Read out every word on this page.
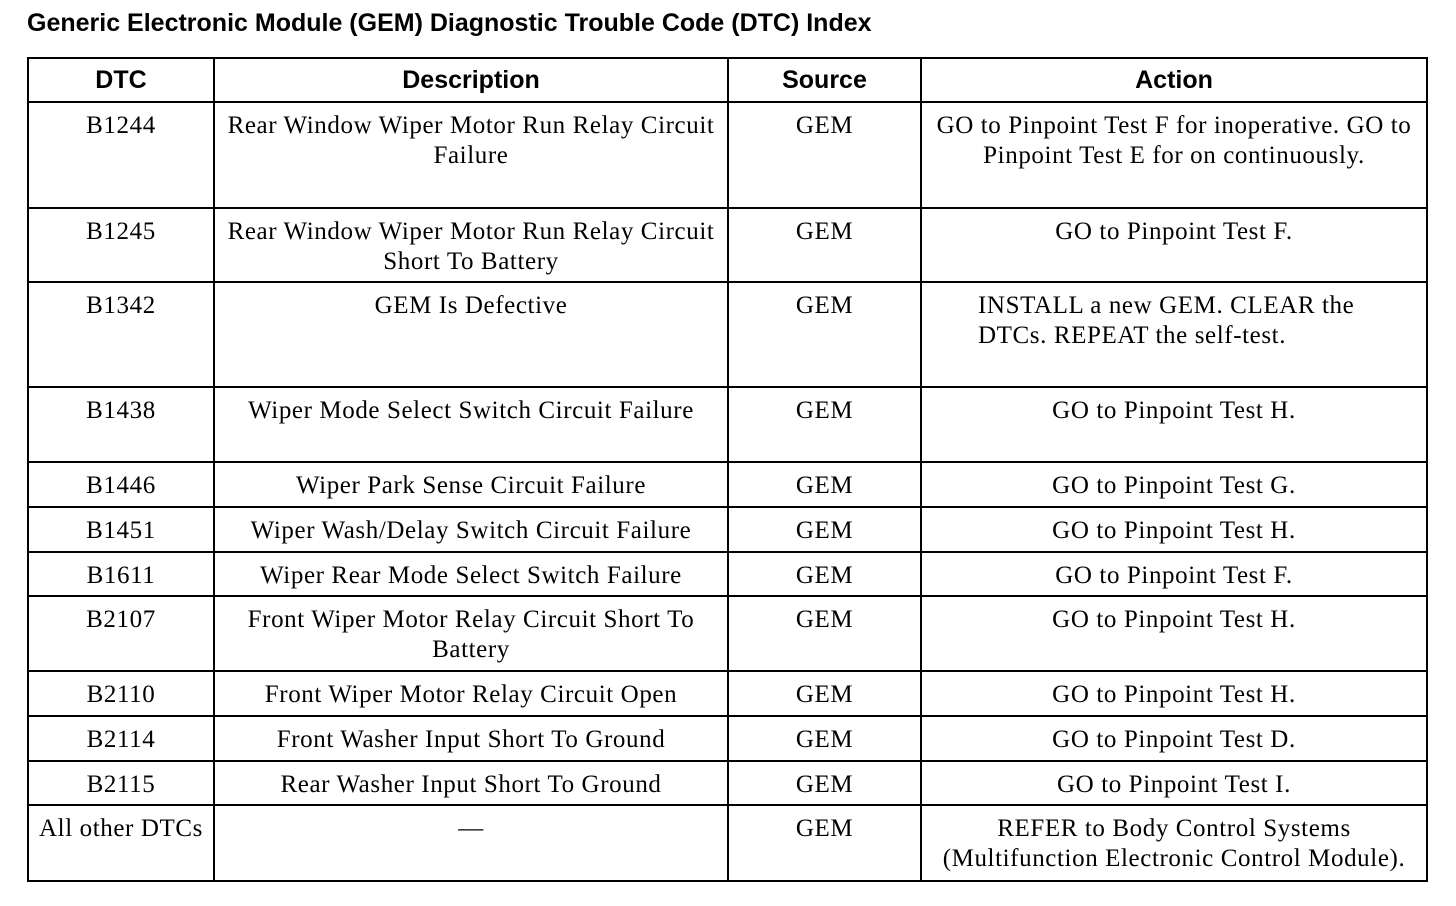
Generic Electronic Module (GEM) Diagnostic Trouble Code (DTC) Index
DTC	Description	Source	Action
B1244	Rear Window Wiper Motor Run Relay Circuit Failure	GEM	GO to Pinpoint Test F for inoperative. GO to Pinpoint Test E for on continuously.
B1245	Rear Window Wiper Motor Run Relay Circuit Short To Battery	GEM	GO to Pinpoint Test F.
B1342	GEM Is Defective	GEM	INSTALL a new GEM. CLEAR the DTCs. REPEAT the self-test.
B1438	Wiper Mode Select Switch Circuit Failure	GEM	GO to Pinpoint Test H.
B1446	Wiper Park Sense Circuit Failure	GEM	GO to Pinpoint Test G.
B1451	Wiper Wash/Delay Switch Circuit Failure	GEM	GO to Pinpoint Test H.
B1611	Wiper Rear Mode Select Switch Failure	GEM	GO to Pinpoint Test F.
B2107	Front Wiper Motor Relay Circuit Short To Battery	GEM	GO to Pinpoint Test H.
B2110	Front Wiper Motor Relay Circuit Open	GEM	GO to Pinpoint Test H.
B2114	Front Washer Input Short To Ground	GEM	GO to Pinpoint Test D.
B2115	Rear Washer Input Short To Ground	GEM	GO to Pinpoint Test I.
All other DTCs	—	GEM	REFER to Body Control Systems (Multifunction Electronic Control Module).
